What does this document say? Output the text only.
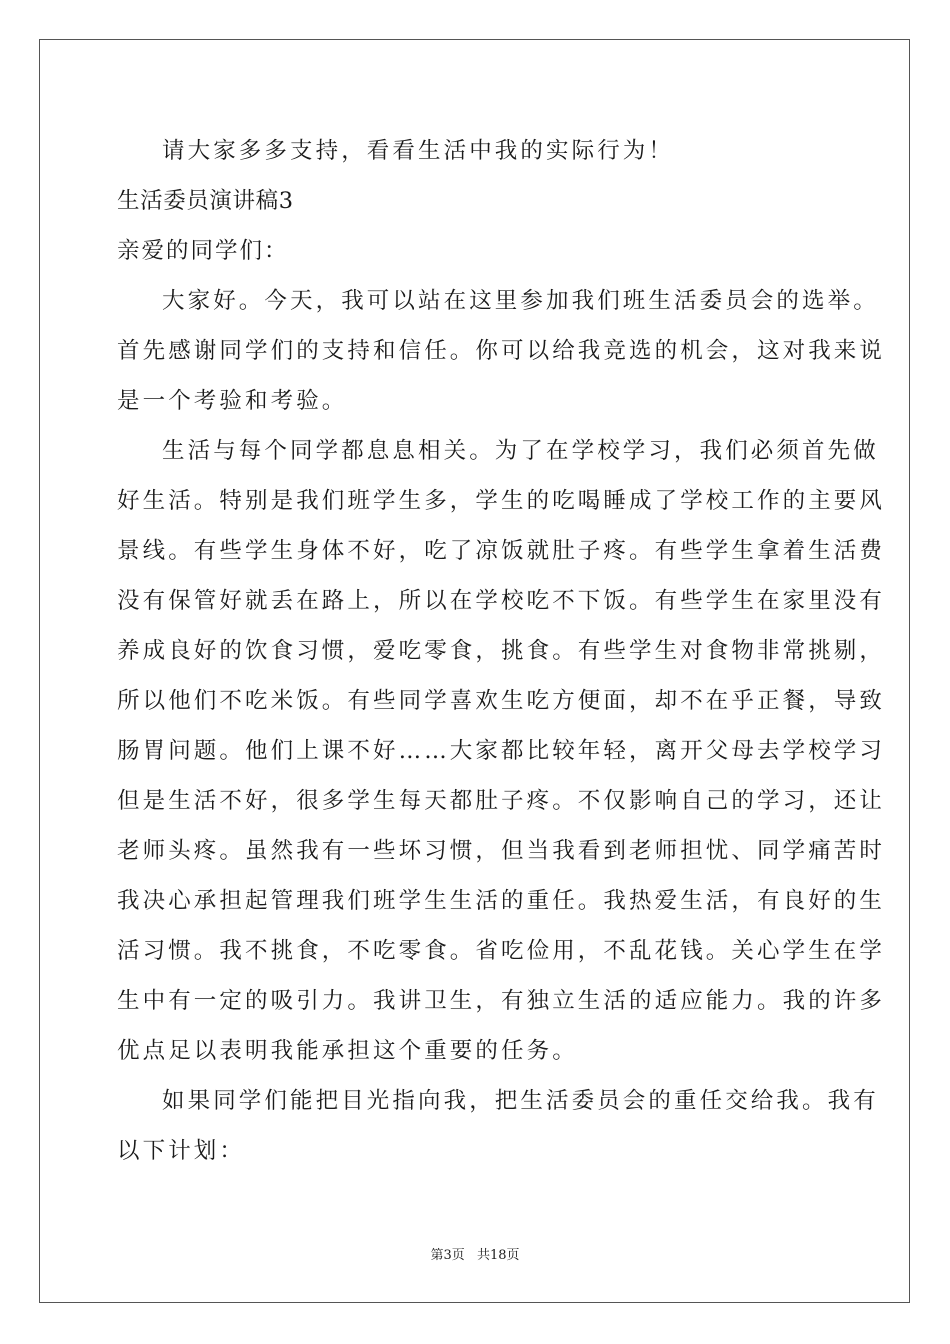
请大家多多支持，看看生活中我的实际行为！
生活委员演讲稿3
亲爱的同学们：
大家好。今天，我可以站在这里参加我们班生活委员会的选举。
首先感谢同学们的支持和信任。你可以给我竞选的机会，这对我来说
是一个考验和考验。
生活与每个同学都息息相关。为了在学校学习，我们必须首先做
好生活。特别是我们班学生多，学生的吃喝睡成了学校工作的主要风
景线。有些学生身体不好，吃了凉饭就肚子疼。有些学生拿着生活费
没有保管好就丢在路上，所以在学校吃不下饭。有些学生在家里没有
养成良好的饮食习惯，爱吃零食，挑食。有些学生对食物非常挑剔，
所以他们不吃米饭。有些同学喜欢生吃方便面，却不在乎正餐，导致
肠胃问题。他们上课不好……大家都比较年轻，离开父母去学校学习
但是生活不好，很多学生每天都肚子疼。不仅影响自己的学习，还让
老师头疼。虽然我有一些坏习惯，但当我看到老师担忧、同学痛苦时
我决心承担起管理我们班学生生活的重任。我热爱生活，有良好的生
活习惯。我不挑食，不吃零食。省吃俭用，不乱花钱。关心学生在学
生中有一定的吸引力。我讲卫生，有独立生活的适应能力。我的许多
优点足以表明我能承担这个重要的任务。
如果同学们能把目光指向我，把生活委员会的重任交给我。我有
以下计划：
第3页 共18页
